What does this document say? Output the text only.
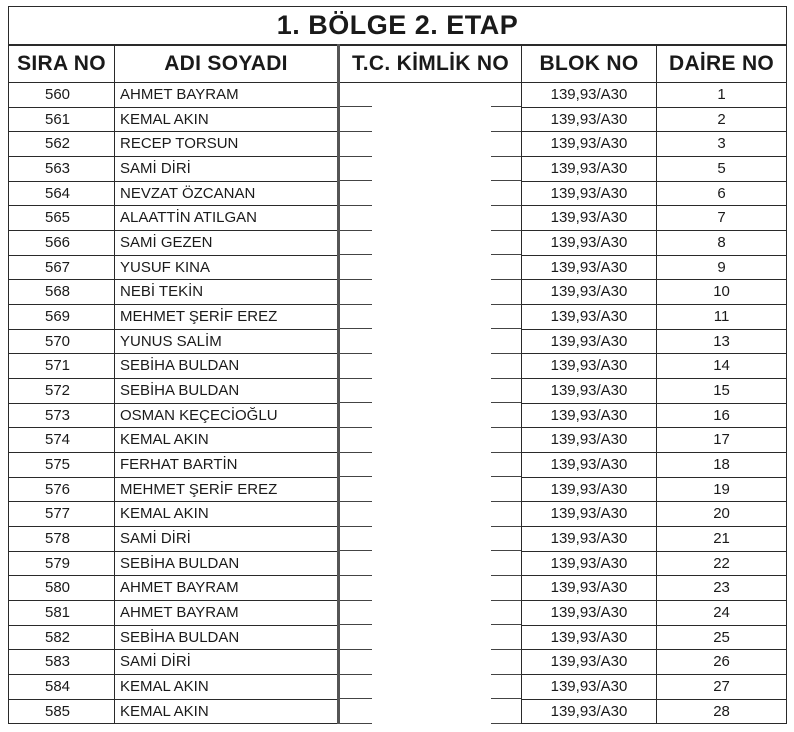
1. BÖLGE 2. ETAP				
SIRA NO	ADI SOYADI	T.C. KİMLİK NO	BLOK NO	DAİRE NO
560	AHMET BAYRAM		139,93/A30	1
561	KEMAL AKIN		139,93/A30	2
562	RECEP TORSUN		139,93/A30	3
563	SAMİ DİRİ		139,93/A30	5
564	NEVZAT ÖZCANAN		139,93/A30	6
565	ALAATTİN ATILGAN		139,93/A30	7
566	SAMİ GEZEN		139,93/A30	8
567	YUSUF KINA		139,93/A30	9
568	NEBİ TEKİN		139,93/A30	10
569	MEHMET ŞERİF EREZ		139,93/A30	11
570	YUNUS SALİM		139,93/A30	13
571	SEBİHA BULDAN		139,93/A30	14
572	SEBİHA BULDAN		139,93/A30	15
573	OSMAN KEÇECİOĞLU		139,93/A30	16
574	KEMAL AKIN		139,93/A30	17
575	FERHAT BARTİN		139,93/A30	18
576	MEHMET ŞERİF EREZ		139,93/A30	19
577	KEMAL AKIN		139,93/A30	20
578	SAMİ DİRİ		139,93/A30	21
579	SEBİHA BULDAN		139,93/A30	22
580	AHMET BAYRAM		139,93/A30	23
581	AHMET BAYRAM		139,93/A30	24
582	SEBİHA BULDAN		139,93/A30	25
583	SAMİ DİRİ		139,93/A30	26
584	KEMAL AKIN		139,93/A30	27
585	KEMAL AKIN		139,93/A30	28
